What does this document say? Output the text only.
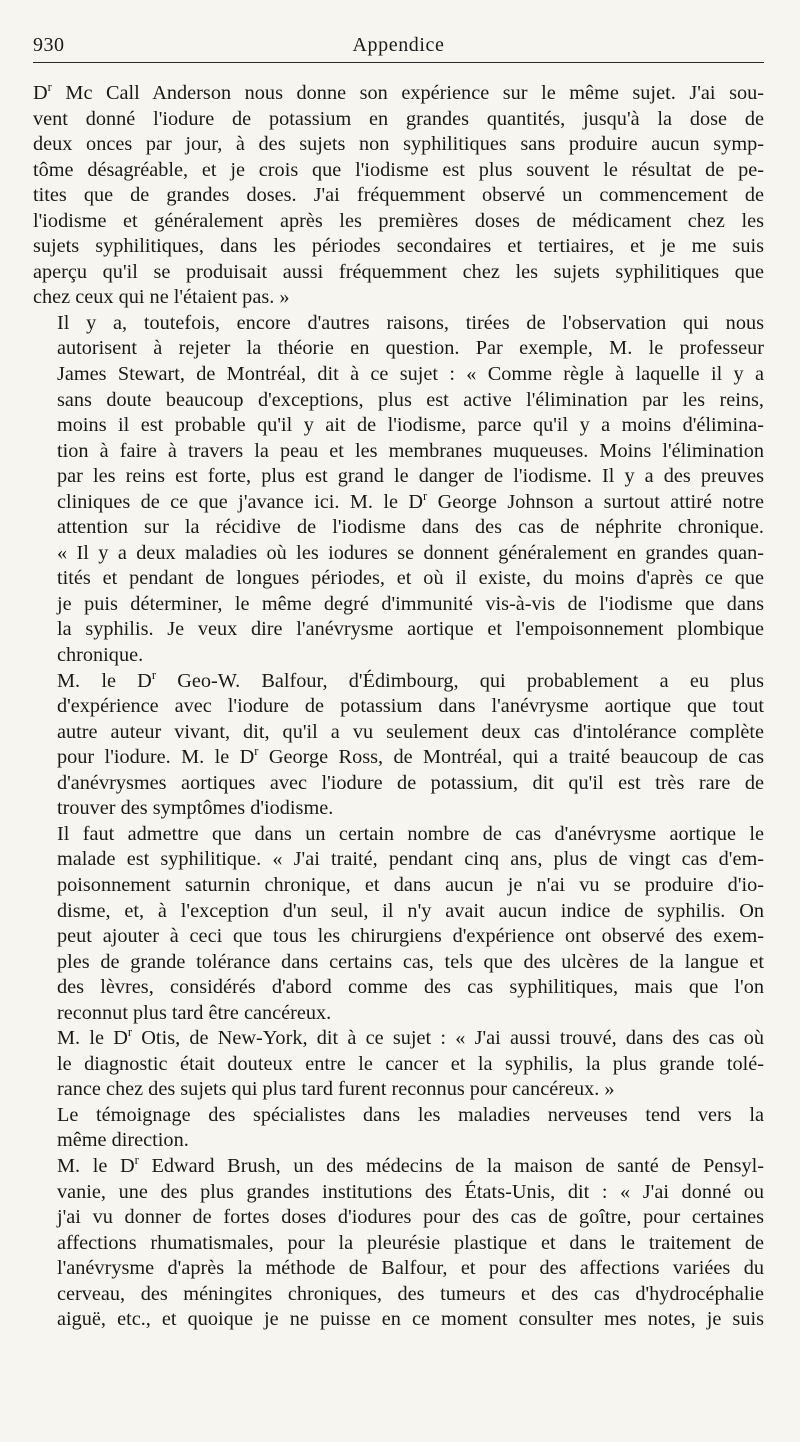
930	Appendice

$D^r$ Mc Call Anderson nous donne son expérience sur le même sujet. J'ai sou-
vent donné l'iodure de potassium en grandes quantités, jusqu'à la dose de
deux onces par jour, à des sujets non syphilitiques sans produire aucun symp-
tôme désagréable, et je crois que l'iodisme est plus souvent le résultat de pe-
tites que de grandes doses. J'ai fréquemment observé un commencement de
l'iodisme et généralement après les premières doses de médicament chez les
sujets syphilitiques, dans les périodes secondaires et tertiaires, et je me suis
aperçu qu'il se produisait aussi fréquemment chez les sujets syphilitiques que
chez ceux qui ne l'étaient pas. »

Il y a, toutefois, encore d'autres raisons, tirées de l'observation qui nous
autorisent à rejeter la théorie en question. Par exemple, M. le professeur
James Stewart, de Montréal, dit à ce sujet : « Comme règle à laquelle il y a
sans doute beaucoup d'exceptions, plus est active l'élimination par les reins,
moins il est probable qu'il y ait de l'iodisme, parce qu'il y a moins d'élimina-
tion à faire à travers la peau et les membranes muqueuses. Moins l'élimination
par les reins est forte, plus est grand le danger de l'iodisme. Il y a des preuves
cliniques de ce que j'avance ici. M. le $D^r$ George Johnson a surtout attiré notre
attention sur la récidive de l'iodisme dans des cas de néphrite chronique.
« Il y a deux maladies où les iodures se donnent généralement en grandes quan-
tités et pendant de longues périodes, et où il existe, du moins d'après ce que
je puis déterminer, le même degré d'immunité vis-à-vis de l'iodisme que dans
la syphilis. Je veux dire l'anévrysme aortique et l'empoisonnement plombique
chronique.

M. le $D^r$ Geo-W. Balfour, d'Édimbourg, qui probablement a eu plus
d'expérience avec l'iodure de potassium dans l'anévrysme aortique que tout
autre auteur vivant, dit, qu'il a vu seulement deux cas d'intolérance complète
pour l'iodure. M. le $D^r$ George Ross, de Montréal, qui a traité beaucoup de cas
d'anévrysmes aortiques avec l'iodure de potassium, dit qu'il est très rare de
trouver des symptômes d'iodisme.

Il faut admettre que dans un certain nombre de cas d'anévrysme aortique le
malade est syphilitique. « J'ai traité, pendant cinq ans, plus de vingt cas d'em-
poisonnement saturnin chronique, et dans aucun je n'ai vu se produire d'io-
disme, et, à l'exception d'un seul, il n'y avait aucun indice de syphilis. On
peut ajouter à ceci que tous les chirurgiens d'expérience ont observé des exem-
ples de grande tolérance dans certains cas, tels que des ulcères de la langue et
des lèvres, considérés d'abord comme des cas syphilitiques, mais que l'on
reconnut plus tard être cancéreux.

M. le $D^r$ Otis, de New-York, dit à ce sujet : « J'ai aussi trouvé, dans des cas où
le diagnostic était douteux entre le cancer et la syphilis, la plus grande tolé-
rance chez des sujets qui plus tard furent reconnus pour cancéreux. »

Le témoignage des spécialistes dans les maladies nerveuses tend vers la
même direction.

M. le $D^r$ Edward Brush, un des médecins de la maison de santé de Pensyl-
vanie, une des plus grandes institutions des États-Unis, dit : « J'ai donné ou
j'ai vu donner de fortes doses d'iodures pour des cas de goître, pour certaines
affections rhumatismales, pour la pleurésie plastique et dans le traitement de
l'anévrysme d'après la méthode de Balfour, et pour des affections variées du
cerveau, des méningites chroniques, des tumeurs et des cas d'hydrocéphalie
aiguë, etc., et quoique je ne puisse en ce moment consulter mes notes, je suis
